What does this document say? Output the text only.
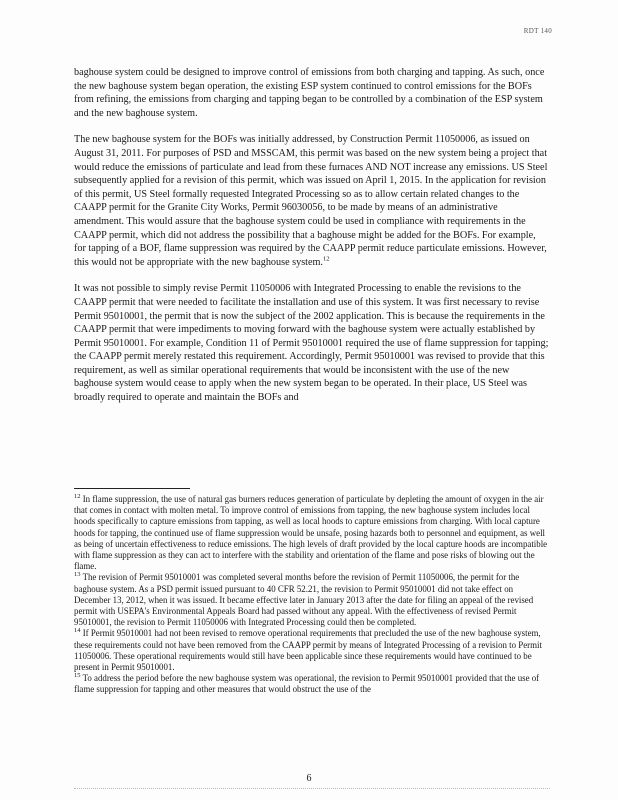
RDT 140

baghouse system could be designed to improve control of emissions from both charging and tapping. As such, once the new baghouse system began operation, the existing ESP system continued to control emissions for the BOFs from refining, the emissions from charging and tapping began to be controlled by a combination of the ESP system and the new baghouse system.

The new baghouse system for the BOFs was initially addressed, by Construction Permit 11050006, as issued on August 31, 2011. For purposes of PSD and MSSCAM, this permit was based on the new system being a project that would reduce the emissions of particulate and lead from these furnaces AND NOT increase any emissions. US Steel subsequently applied for a revision of this permit, which was issued on April 1, 2015. In the application for revision of this permit, US Steel formally requested Integrated Processing so as to allow certain related changes to the CAAPP permit for the Granite City Works, Permit 96030056, to be made by means of an administrative amendment. This would assure that the baghouse system could be used in compliance with requirements in the CAAPP permit, which did not address the possibility that a baghouse might be added for the BOFs. For example, for tapping of a BOF, flame suppression was required by the CAAPP permit reduce particulate emissions. However, this would not be appropriate with the new baghouse system.$^{12}$

It was not possible to simply revise Permit 11050006 with Integrated Processing to enable the revisions to the CAAPP permit that were needed to facilitate the installation and use of this system. It was first necessary to revise Permit 95010001, the permit that is now the subject of the 2002 application. This is because the requirements in the CAAPP permit that were impediments to moving forward with the baghouse system were actually established by Permit 95010001. For example, Condition 11 of Permit 95010001 required the use of flame suppression for tapping; the CAAPP permit merely restated this requirement. Accordingly, Permit 95010001 was revised to provide that this requirement, as well as similar operational requirements that would be inconsistent with the use of the new baghouse system would cease to apply when the new system began to be operated. In their place, US Steel was broadly required to operate and maintain the BOFs and

$^{12}$ In flame suppression, the use of natural gas burners reduces generation of particulate by depleting the amount of oxygen in the air that comes in contact with molten metal. To improve control of emissions from tapping, the new baghouse system includes local hoods specifically to capture emissions from tapping, as well as local hoods to capture emissions from charging. With local capture hoods for tapping, the continued use of flame suppression would be unsafe, posing hazards both to personnel and equipment, as well as being of uncertain effectiveness to reduce emissions. The high levels of draft provided by the local capture hoods are incompatible with flame suppression as they can act to interfere with the stability and orientation of the flame and pose risks of blowing out the flame.

$^{13}$ The revision of Permit 95010001 was completed several months before the revision of Permit 11050006, the permit for the baghouse system. As a PSD permit issued pursuant to 40 CFR 52.21, the revision to Permit 95010001 did not take effect on December 13, 2012, when it was issued. It became effective later in January 2013 after the date for filing an appeal of the revised permit with USEPA's Environmental Appeals Board had passed without any appeal. With the effectiveness of revised Permit 95010001, the revision to Permit 11050006 with Integrated Processing could then be completed.

$^{14}$ If Permit 95010001 had not been revised to remove operational requirements that precluded the use of the new baghouse system, these requirements could not have been removed from the CAAPP permit by means of Integrated Processing of a revision to Permit 11050006. These operational requirements would still have been applicable since these requirements would have continued to be present in Permit 95010001.

$^{15}$ To address the period before the new baghouse system was operational, the revision to Permit 95010001 provided that the use of flame suppression for tapping and other measures that would obstruct the use of the

6
